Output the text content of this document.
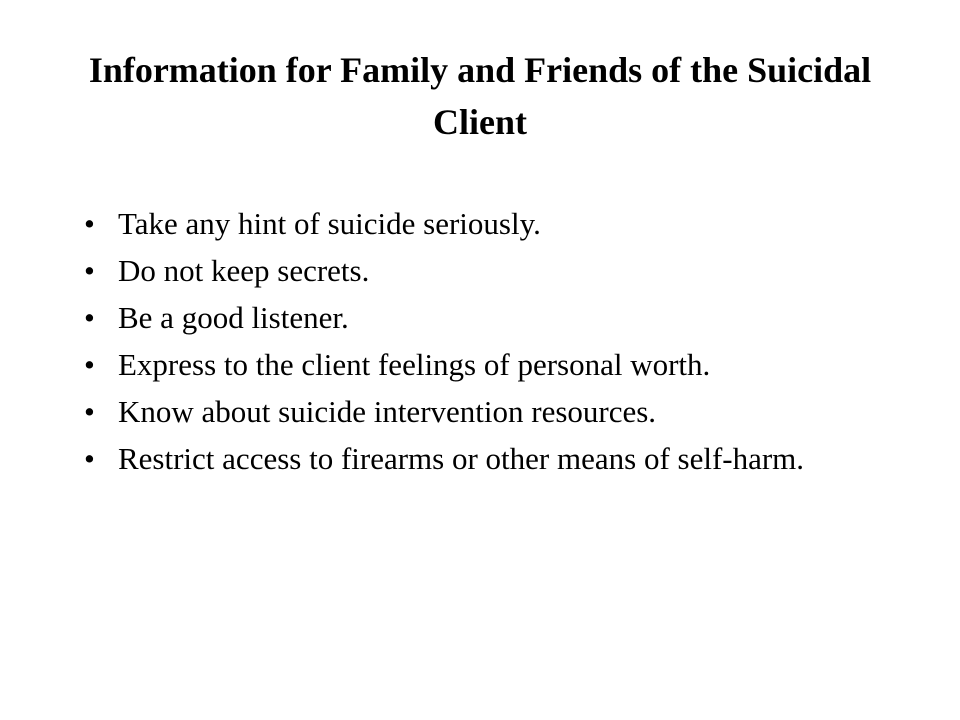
Information for Family and Friends of the Suicidal Client
• Take any hint of suicide seriously.
• Do not keep secrets.
• Be a good listener.
• Express to the client feelings of personal worth.
• Know about suicide intervention resources.
• Restrict access to firearms or other means of self-harm.
